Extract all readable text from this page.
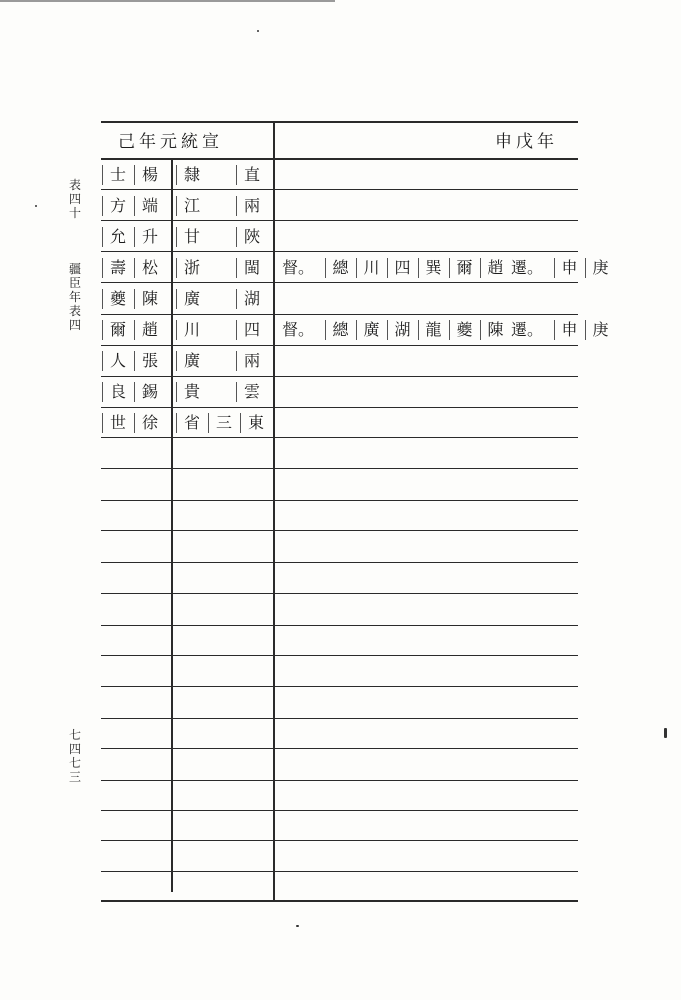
表
四
十
疆
臣
年
表
四
七
四
七
三
己年元統宣	申戊年
士 楊	隸	直
方 端	江	兩
允 升	甘	陜
壽 松	浙	閩	督。	總 川 四 巽 爾 趙 遷。	申 庚
夔 陳	廣	湖
爾 趙	川	四	督。	總 廣 湖 龍 夔 陳 遷。	申 庚
人 張	廣	兩
良 錫	貴	雲
世 徐	省 三 東
